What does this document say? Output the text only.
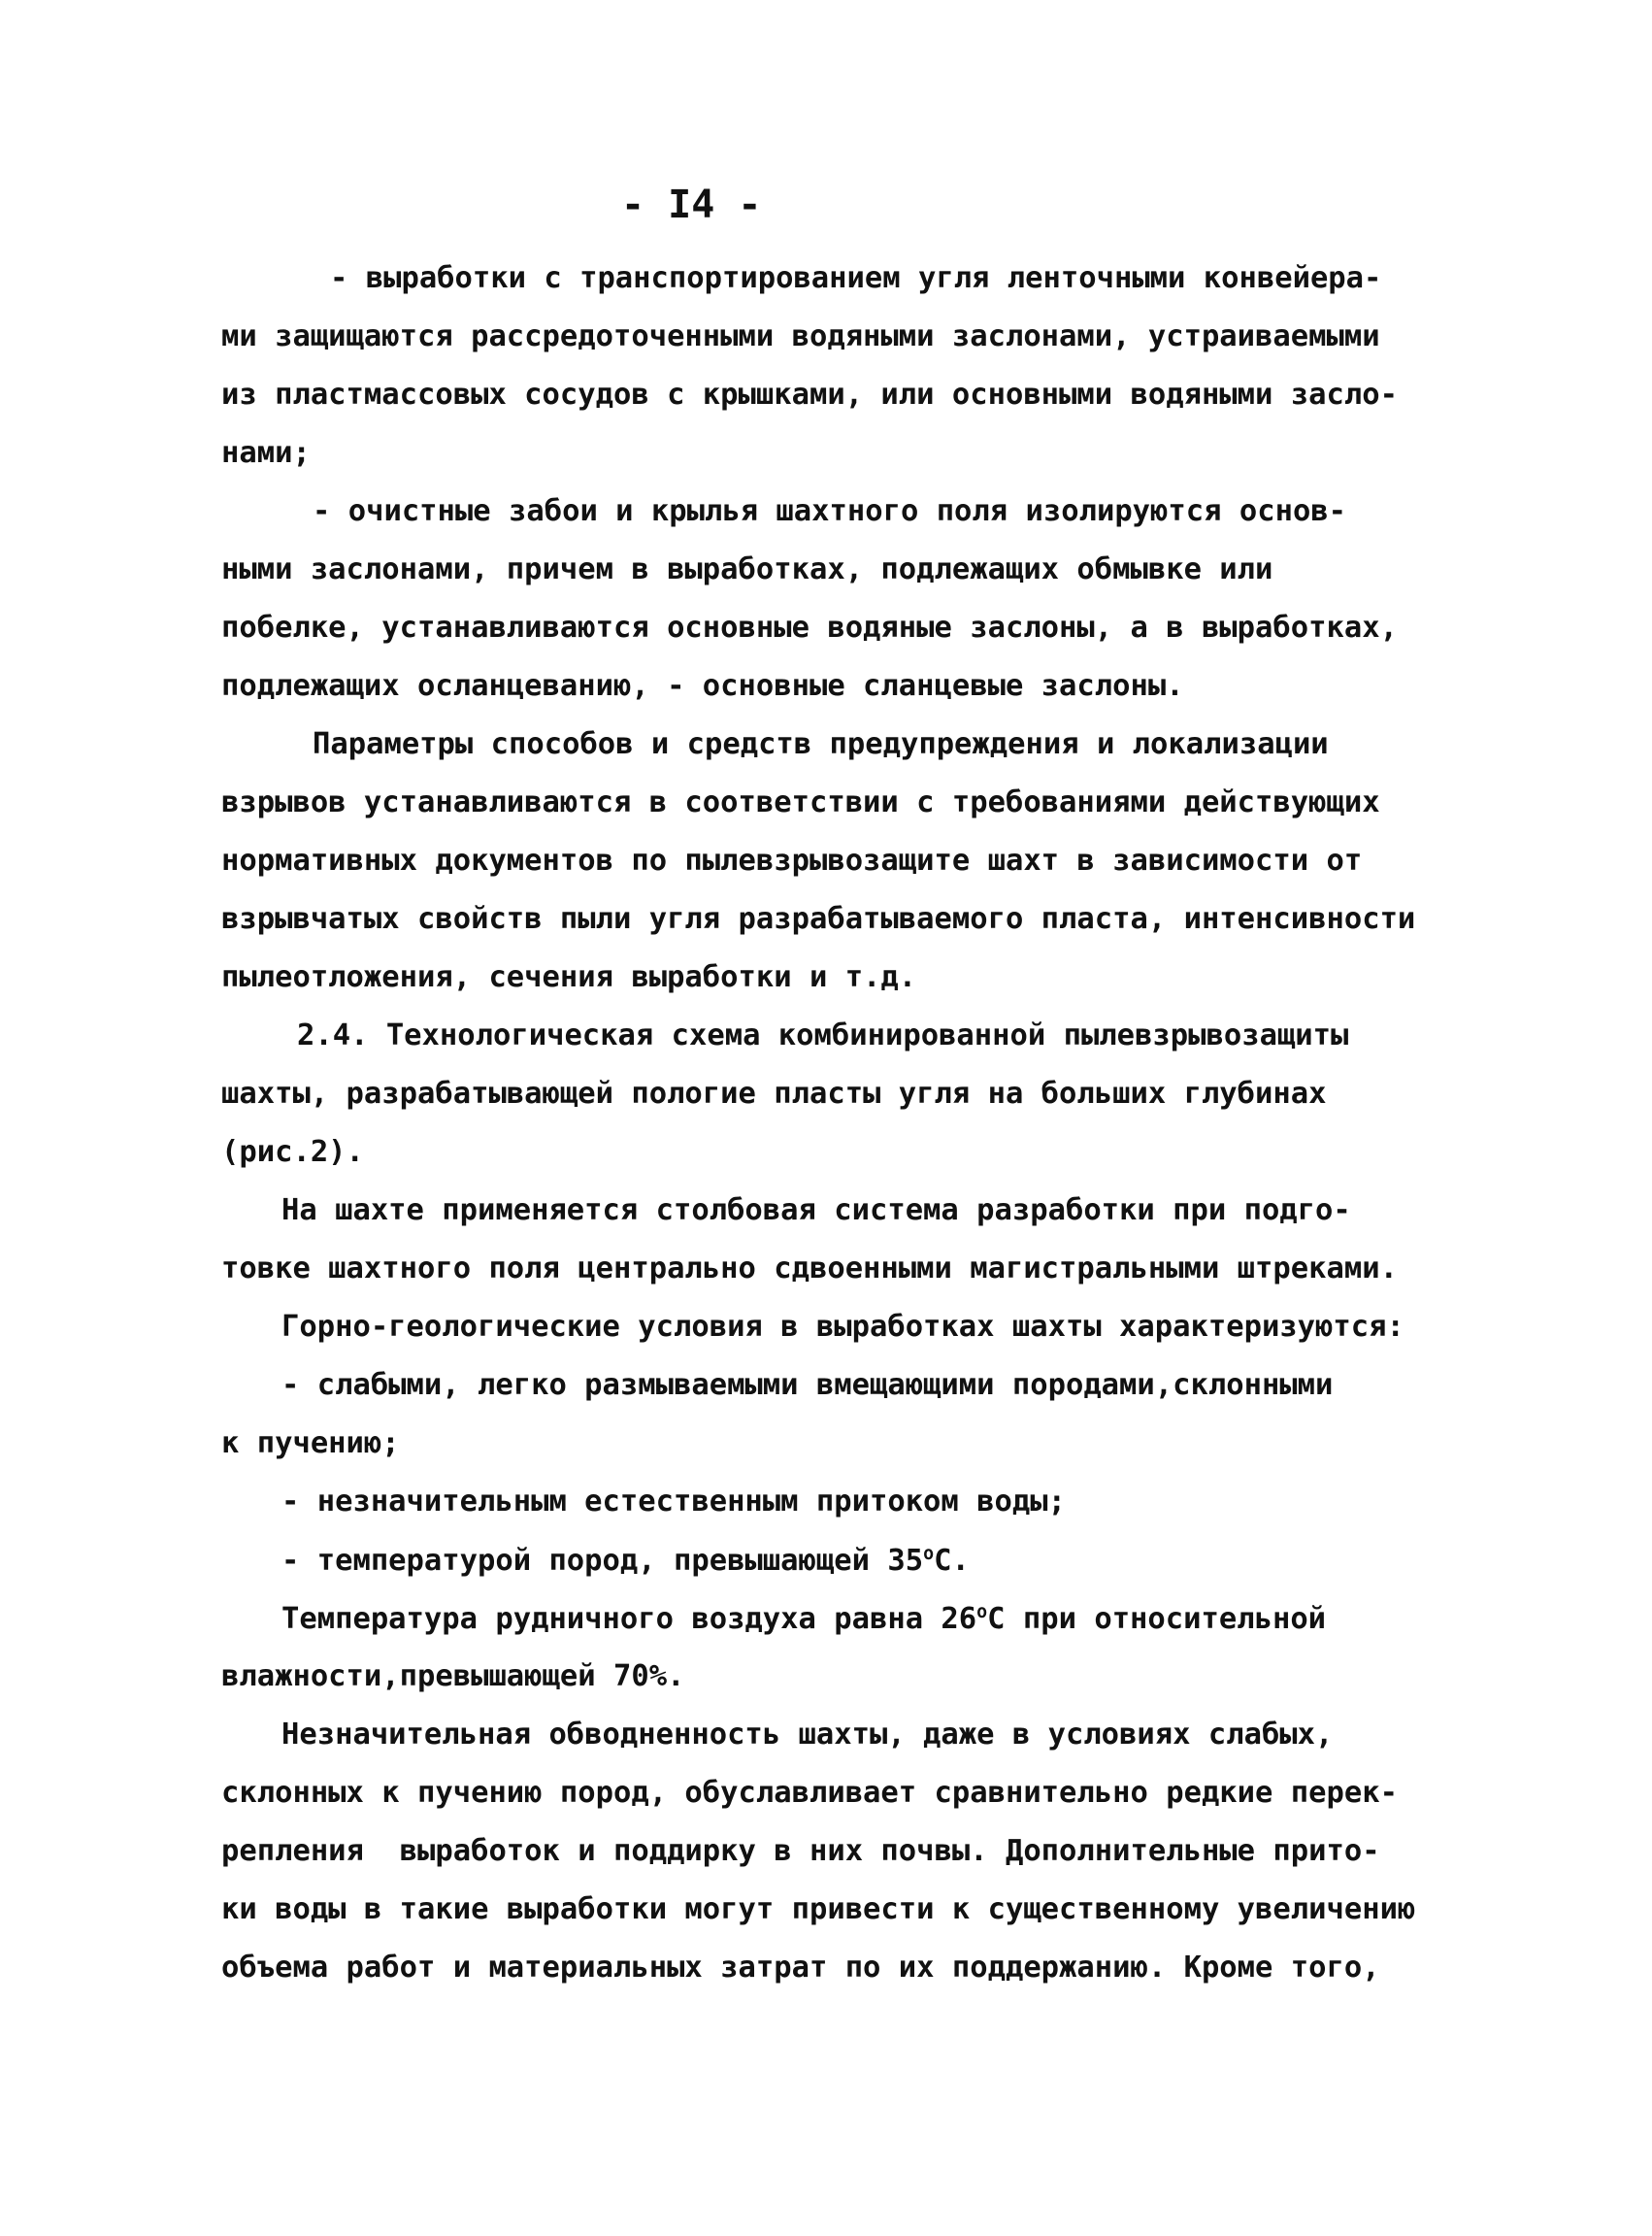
- I4 -
- выработки с транспортированием угля ленточными конвейера-
ми защищаются рассредоточенными водяными заслонами, устраиваемыми
из пластмассовых сосудов с крышками, или основными водяными засло-
нами;
- очистные забои и крылья шахтного поля изолируются основ-
ными заслонами, причем в выработках, подлежащих обмывке или
побелке, устанавливаются основные водяные заслоны, а в выработках,
подлежащих осланцеванию, - основные сланцевые заслоны.
Параметры способов и средств предупреждения и локализации
взрывов устанавливаются в соответствии с требованиями действующих
нормативных документов по пылевзрывозащите шахт в зависимости от
взрывчатых свойств пыли угля разрабатываемого пласта, интенсивности
пылеотложения, сечения выработки и т.д.
2.4. Технологическая схема комбинированной пылевзрывозащиты
шахты, разрабатывающей пологие пласты угля на больших глубинах
(рис.2).
На шахте применяется столбовая система разработки при подго-
товке шахтного поля центрально сдвоенными магистральными штреками.
Горно-геологические условия в выработках шахты характеризуются:
- слабыми, легко размываемыми вмещающими породами,склонными
к пучению;
- незначительным естественным притоком воды;
- температурой пород, превышающей $35^оС$.
Температура рудничного воздуха равна $26^оС$ при относительной
влажности,превышающей 70%.
Незначительная обводненность шахты, даже в условиях слабых,
склонных к пучению пород, обуславливает сравнительно редкие перек-
репления  выработок и поддирку в них почвы. Дополнительные прито-
ки воды в такие выработки могут привести к существенному увеличению
объема работ и материальных затрат по их поддержанию. Кроме того,
